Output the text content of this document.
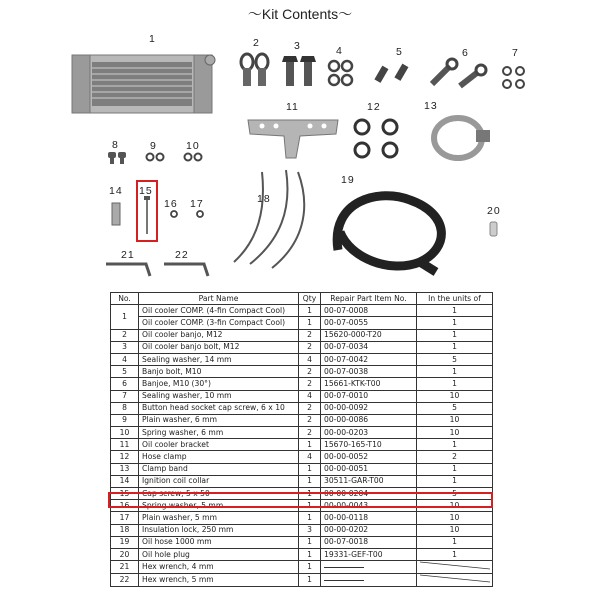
～Kit Contents～
1	2	3	4	5	6	7
8	9	10
11	12	13
14 15
16 17	18
19
20
21	22
No.	Part Name	Qty	Repair Part Item No.	In the units of
1	Oil cooler COMP. (4-fin Compact Cool)	1	00-07-0008	1
	Oil cooler COMP. (3-fin Compact Cool)	1	00-07-0055	1
2	Oil cooler banjo, M12	2	15620-000-T20	1
3	Oil cooler banjo bolt, M12	2	00-07-0034	1
4	Sealing washer, 14 mm	4	00-07-0042	5
5	Banjo bolt, M10	2	00-07-0038	1
6	Banjoe, M10 (30°)	2	15661-KTK-T00	1
7	Sealing washer, 10 mm	4	00-07-0010	10
8	Button head socket cap screw, 6 x 10	2	00-00-0092	5
9	Plain washer, 6 mm	2	00-00-0086	10
10	Spring washer, 6 mm	2	00-00-0203	10
11	Oil cooler bracket	1	15670-165-T10	1
12	Hose clamp	4	00-00-0052	2
13	Clamp band	1	00-00-0051	1
14	Ignition coil collar	1	30511-GAR-T00	1
15	Cap screw, 5 x 50	1	00-00-0204	5
16	Spring washer, 5 mm	1	00-00-0043	10
17	Plain washer, 5 mm	1	00-00-0118	10
18	Insulation lock, 250 mm	3	00-00-0202	10
19	Oil hose 1000 mm	1	00-07-0018	1
20	Oil hole plug	1	19331-GEF-T00	1
21	Hex wrench, 4 mm	1		
22	Hex wrench, 5 mm	1		
